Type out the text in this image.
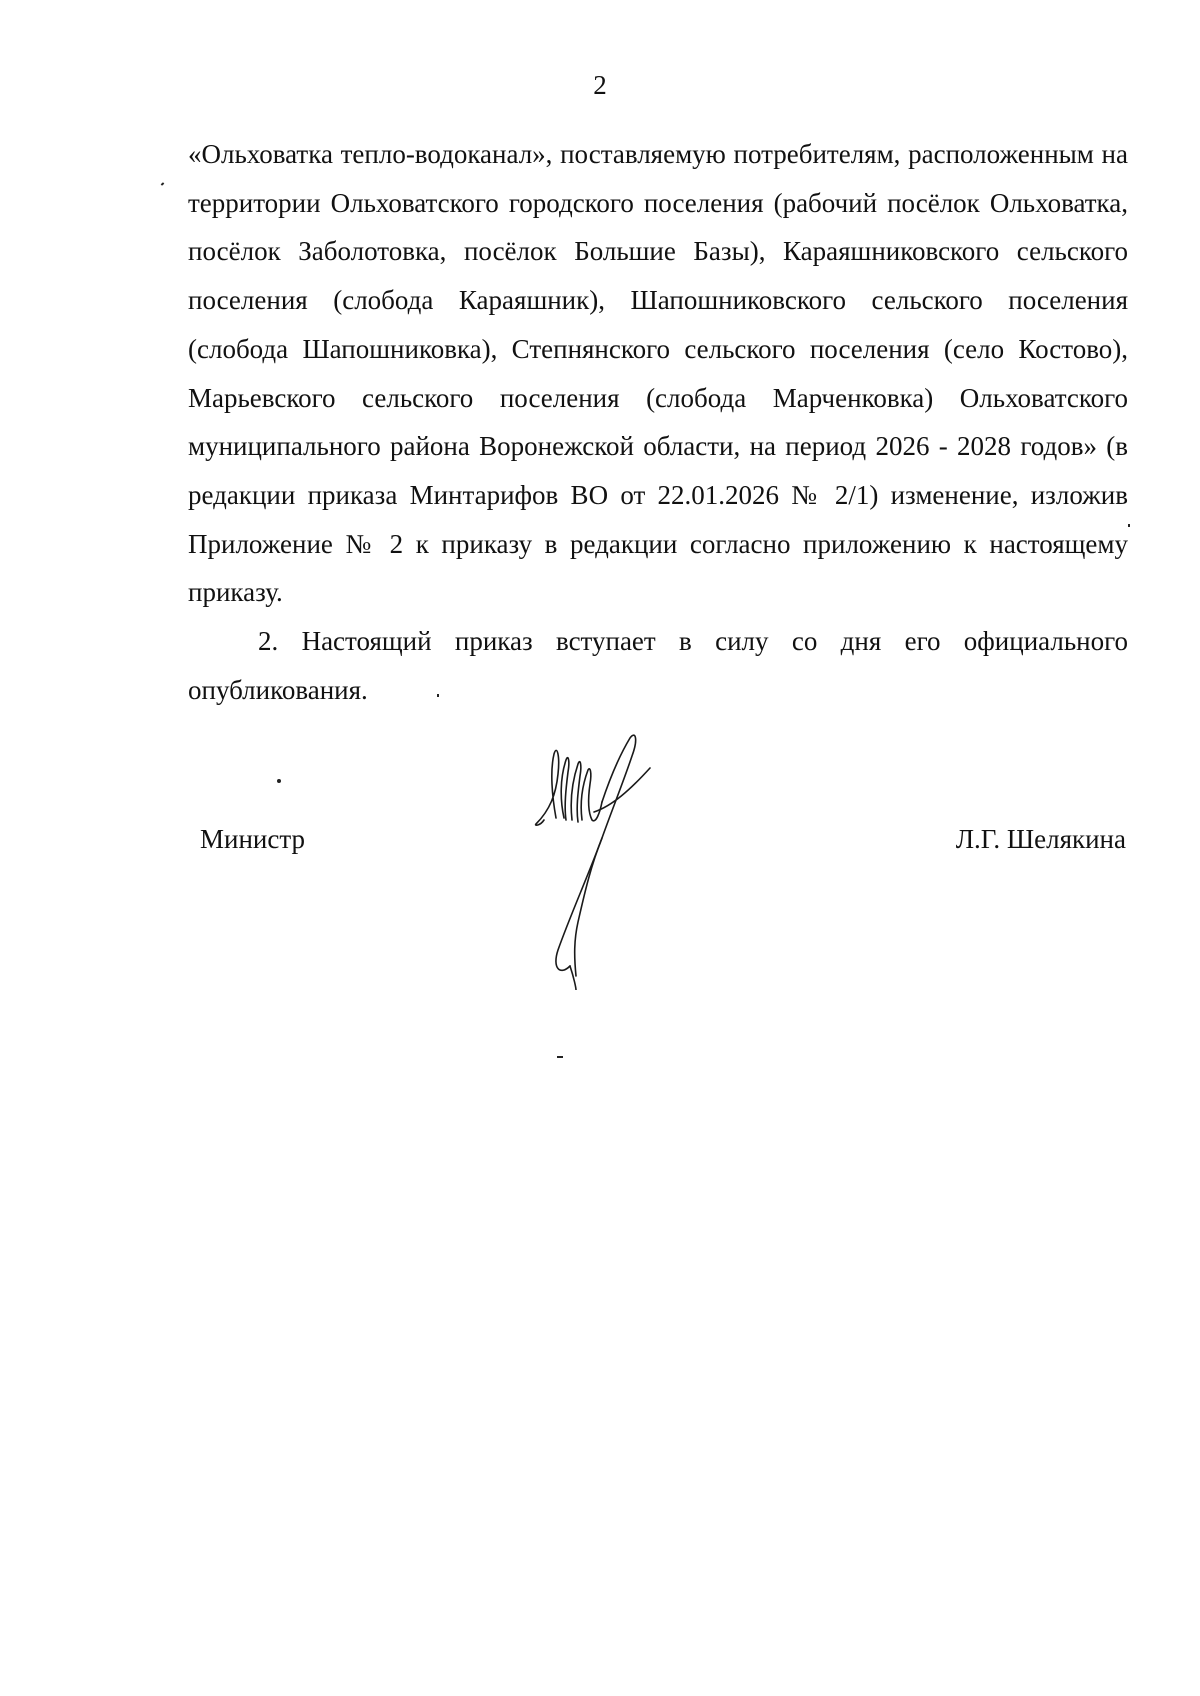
2

«Ольховатка тепло-водоканал», поставляемую потребителям, расположенным на территории Ольховатского городского поселения (рабочий посёлок Ольховатка, посёлок Заболотовка, посёлок Большие Базы), Караяшниковского сельского поселения (слобода Караяшник), Шапошниковского сельского поселения (слобода Шапошниковка), Степнянского сельского поселения (село Костово), Марьевского сельского поселения (слобода Марченковка) Ольховатского муниципального района Воронежской области, на период 2026 - 2028 годов» (в редакции приказа Минтарифов ВО от 22.01.2026 № 2/1) изменение, изложив Приложение № 2 к приказу в редакции согласно приложению к настоящему приказу.

2. Настоящий приказ вступает в силу со дня его официального опубликования.

Министр	Л.Г. Шелякина
